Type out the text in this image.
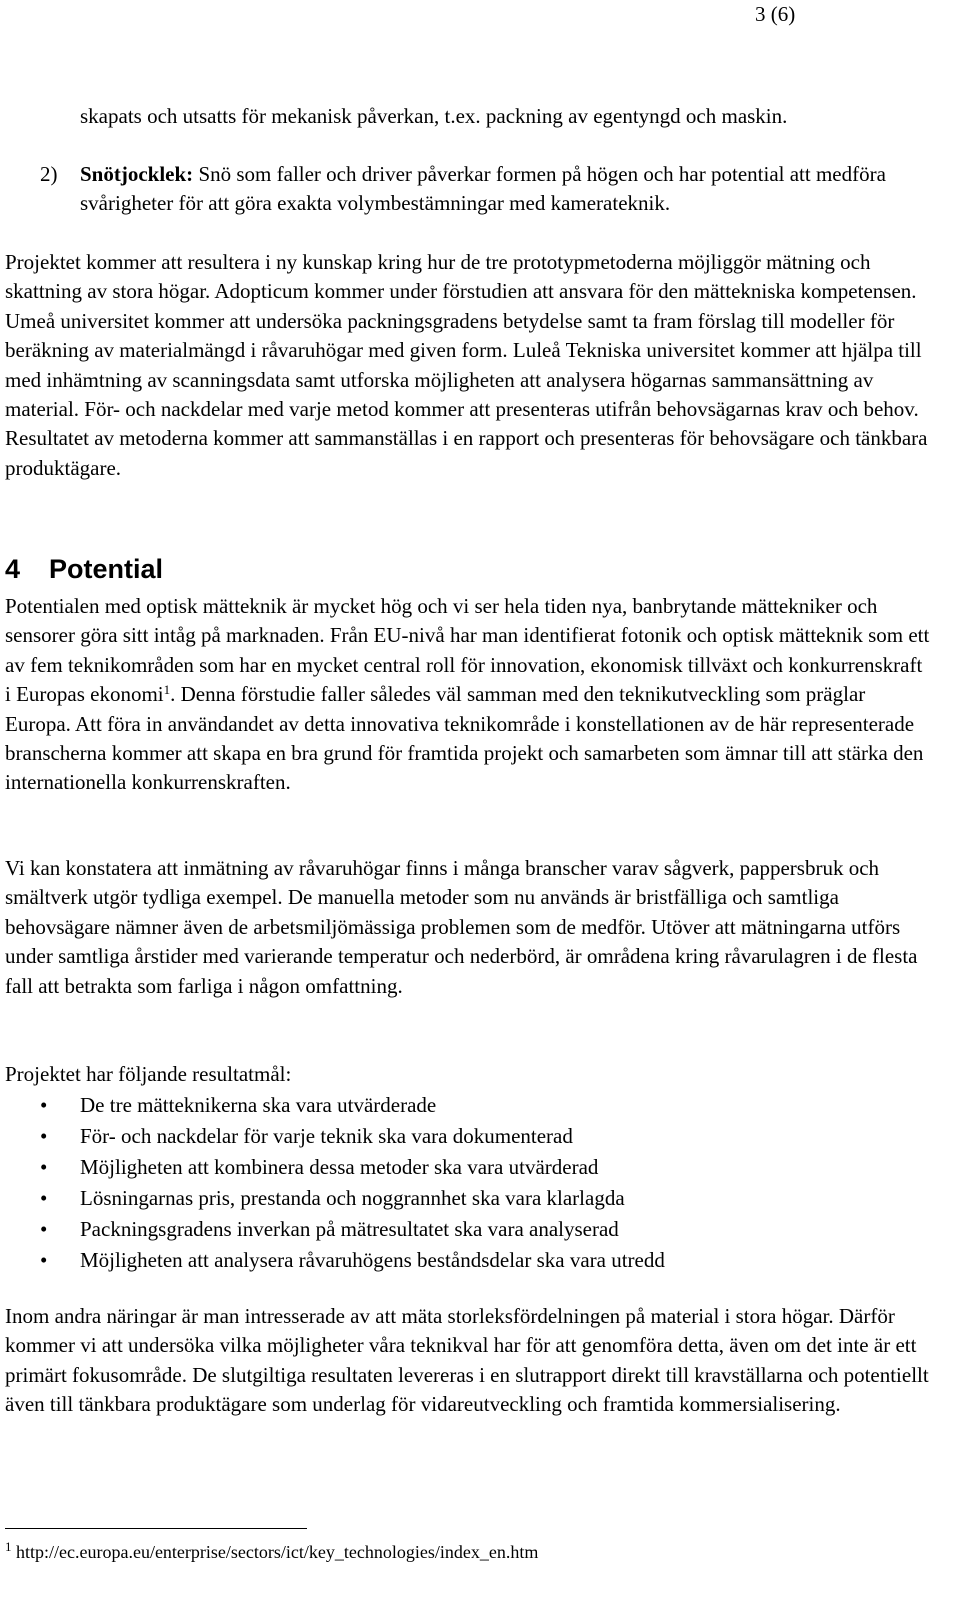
3 (6)

skapats och utsatts för mekanisk påverkan, t.ex. packning av egentyngd och maskin.

2) Snötjocklek: Snö som faller och driver påverkar formen på högen och har potential att medföra svårigheter för att göra exakta volymbestämningar med kamerateknik.

Projektet kommer att resultera i ny kunskap kring hur de tre prototypmetoderna möjliggör mätning och skattning av stora högar. Adopticum kommer under förstudien att ansvara för den mättekniska kompetensen. Umeå universitet kommer att undersöka packningsgradens betydelse samt ta fram förslag till modeller för beräkning av materialmängd i råvaruhögar med given form. Luleå Tekniska universitet kommer att hjälpa till med inhämtning av scanningsdata samt utforska möjligheten att analysera högarnas sammansättning av material. För- och nackdelar med varje metod kommer att presenteras utifrån behovsägarnas krav och behov. Resultatet av metoderna kommer att sammanställas i en rapport och presenteras för behovsägare och tänkbara produktägare.

4 Potential

Potentialen med optisk mätteknik är mycket hög och vi ser hela tiden nya, banbrytande mättekniker och sensorer göra sitt intåg på marknaden. Från EU-nivå har man identifierat fotonik och optisk mätteknik som ett av fem teknikområden som har en mycket central roll för innovation, ekonomisk tillväxt och konkurrenskraft i Europas ekonomi$^1$. Denna förstudie faller således väl samman med den teknikutveckling som präglar Europa. Att föra in användandet av detta innovativa teknikområde i konstellationen av de här representerade branscherna kommer att skapa en bra grund för framtida projekt och samarbeten som ämnar till att stärka den internationella konkurrenskraften.

Vi kan konstatera att inmätning av råvaruhögar finns i många branscher varav sågverk, pappersbruk och smältverk utgör tydliga exempel. De manuella metoder som nu används är bristfälliga och samtliga behovsägare nämner även de arbetsmiljömässiga problemen som de medför. Utöver att mätningarna utförs under samtliga årstider med varierande temperatur och nederbörd, är områdena kring råvarulagren i de flesta fall att betrakta som farliga i någon omfattning.

Projektet har följande resultatmål:

• De tre mätteknikerna ska vara utvärderade
• För- och nackdelar för varje teknik ska vara dokumenterad
• Möjligheten att kombinera dessa metoder ska vara utvärderad
• Lösningarnas pris, prestanda och noggrannhet ska vara klarlagda
• Packningsgradens inverkan på mätresultatet ska vara analyserad
• Möjligheten att analysera råvaruhögens beståndsdelar ska vara utredd

Inom andra näringar är man intresserade av att mäta storleksfördelningen på material i stora högar. Därför kommer vi att undersöka vilka möjligheter våra teknikval har för att genomföra detta, även om det inte är ett primärt fokusområde. De slutgiltiga resultaten levereras i en slutrapport direkt till kravställarna och potentiellt även till tänkbara produktägare som underlag för vidareutveckling och framtida kommersialisering.

$^1$ http://ec.europa.eu/enterprise/sectors/ict/key_technologies/index_en.htm
